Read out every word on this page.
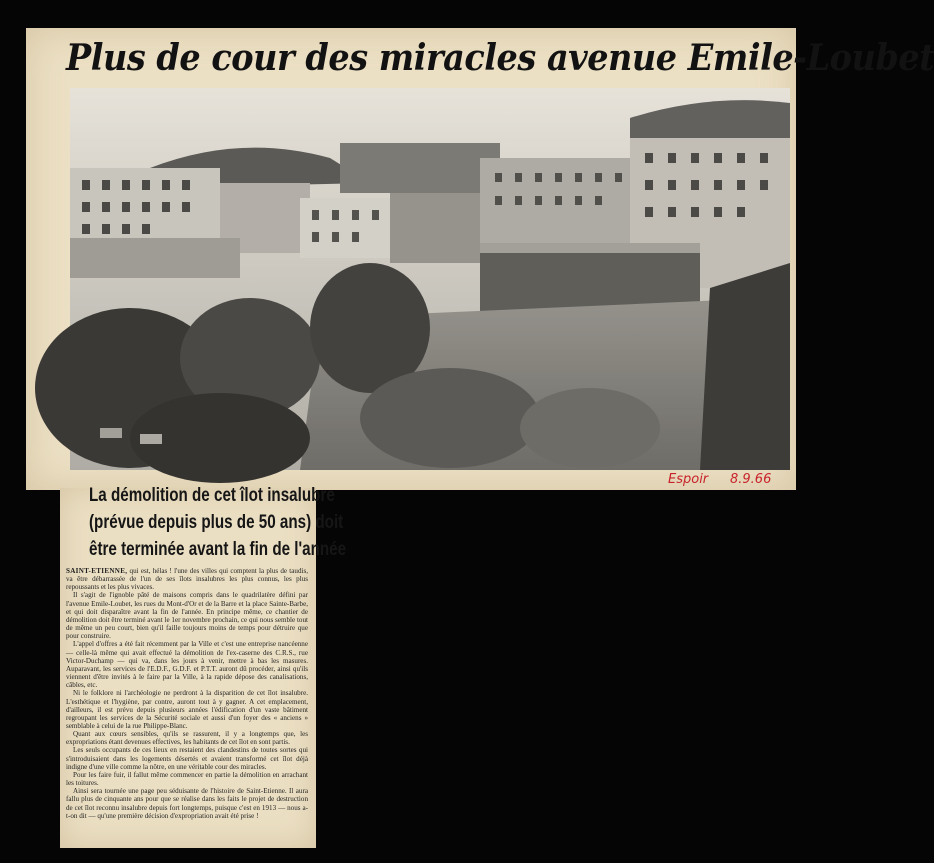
Plus de cour des miracles avenue Emile-Loubet
Espoir 8.9.66
La démolition de cet îlot insalubre
(prévue depuis plus de 50 ans) doit
être terminée avant la fin de l'année

SAINT-ETIENNE, qui est, hélas ! l'une des villes qui comptent la plus de taudis, va être débarrassée de l'un de ses îlots insalubres les plus connus, les plus repoussants et les plus vivaces.

Il s'agit de l'ignoble pâté de maisons compris dans le quadrilatère défini par l'avenue Emile-Loubet, les rues du Mont-d'Or et de la Barre et la place Sainte-Barbe, et qui doit disparaître avant la fin de l'année. En principe même, ce chantier de démolition doit être terminé avant le 1er novembre prochain, ce qui nous semble tout de même un peu court, bien qu'il faille toujours moins de temps pour détruire que pour construire.

L'appel d'offres a été fait récemment par la Ville et c'est une entreprise nancéenne — celle-là même qui avait effectué la démolition de l'ex-caserne des C.R.S., rue Victor-Duchamp — qui va, dans les jours à venir, mettre à bas les masures. Auparavant, les services de l'E.D.F., G.D.F. et P.T.T. auront dû procéder, ainsi qu'ils viennent d'être invités à le faire par la Ville, à la rapide dépose des canalisations, câbles, etc.

Ni le folklore ni l'archéologie ne perdront à la disparition de cet îlot insalubre. L'esthétique et l'hygiène, par contre, auront tout à y gagner. A cet emplacement, d'ailleurs, il est prévu depuis plusieurs années l'édification d'un vaste bâtiment regroupant les services de la Sécurité sociale et aussi d'un foyer des « anciens » semblable à celui de la rue Philippe-Blanc.

Quant aux cœurs sensibles, qu'ils se rassurent, il y a longtemps que, les expropriations étant devenues effectives, les habitants de cet îlot en sont partis.

Les seuls occupants de ces lieux en restaient des clandestins de toutes sortes qui s'introduisaient dans les logements désertés et avaient transformé cet îlot déjà indigne d'une ville comme la nôtre, en une véritable cour des miracles.

Pour les faire fuir, il fallut même commencer en partie la démolition en arrachant les toitures.

Ainsi sera tournée une page peu séduisante de l'histoire de Saint-Etienne. Il aura fallu plus de cinquante ans pour que se réalise dans les faits le projet de destruction de cet îlot reconnu insalubre depuis fort longtemps, puisque c'est en 1913 — nous a-t-on dit — qu'une première décision d'expropriation avait été prise !
